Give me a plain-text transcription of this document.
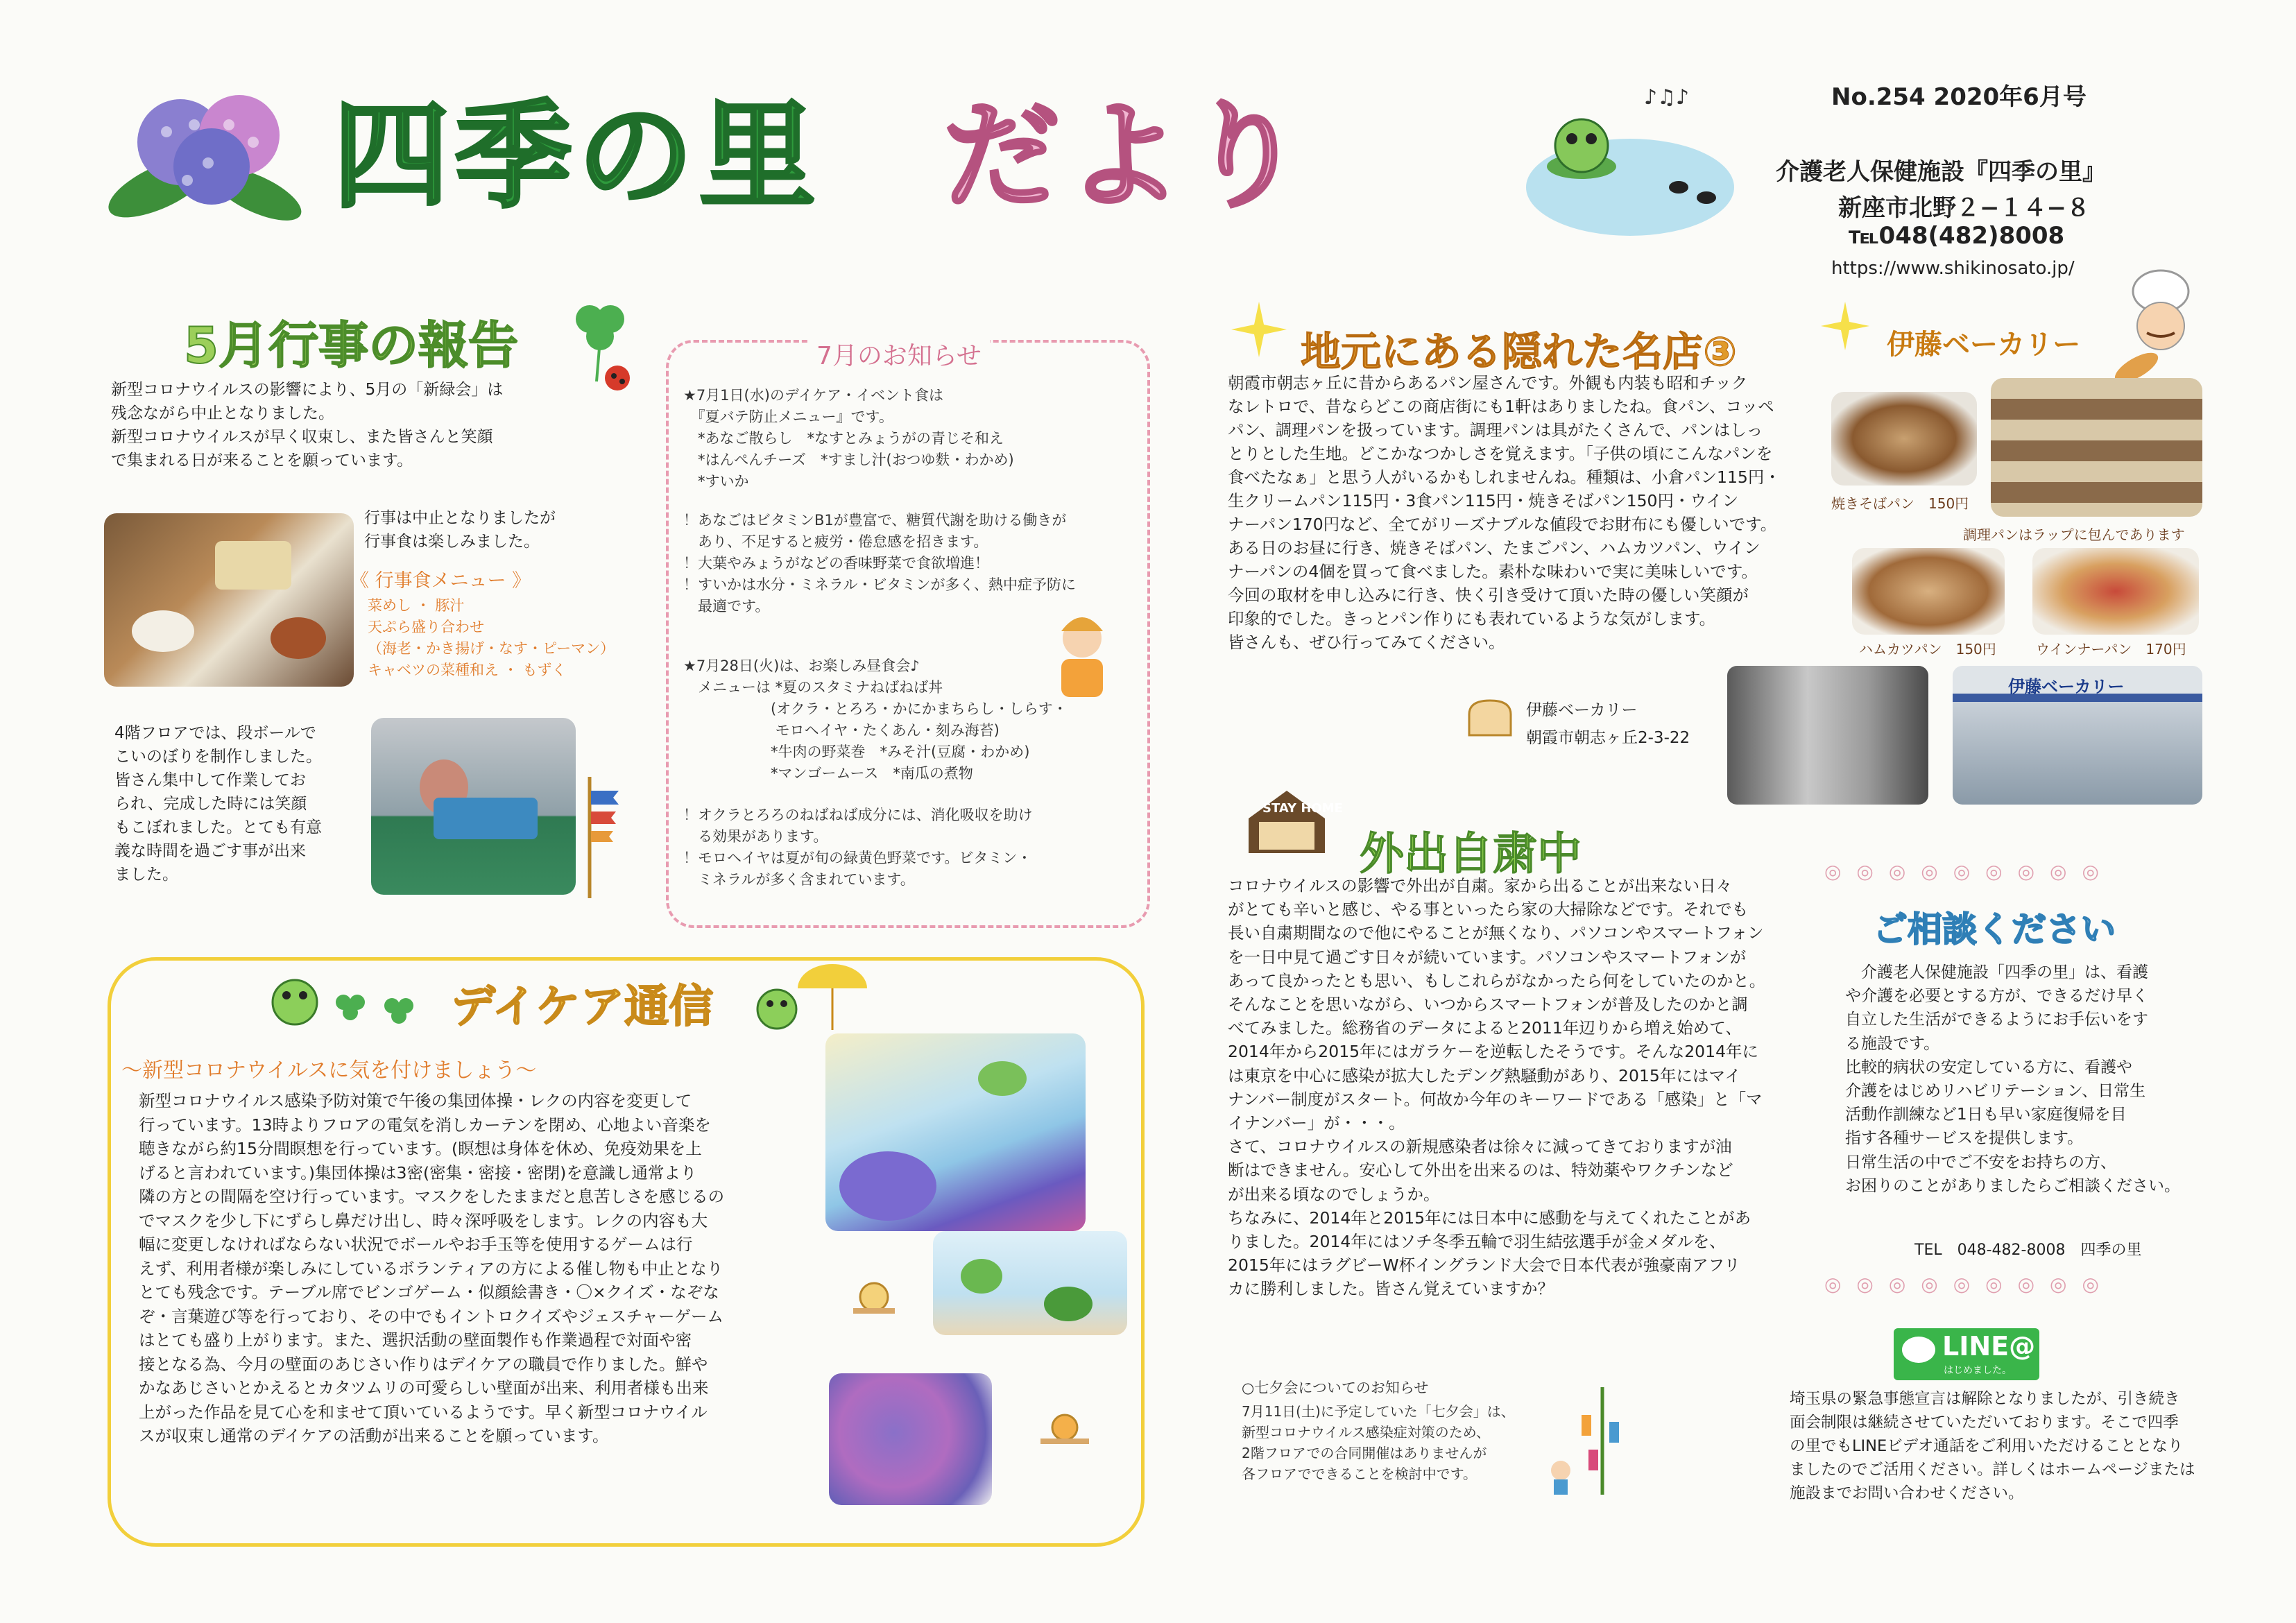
四季の里 だより	♪♫♪	No.254 2020年6月号
介護老人保健施設『四季の里』
新座市北野２−１４−８
℡048(482)8008
https://www.shikinosato.jp/
5月行事の報告
新型コロナウイルスの影響により、5月の「新緑会」は
残念ながら中止となりました。
新型コロナウイルスが早く収束し、また皆さんと笑顔
で集まれる日が来ることを願っています。
行事は中止となりましたが
行事食は楽しみました。
《 行事食メニュー 》
菜めし ・ 豚汁
天ぷら盛り合わせ
（海老・かき揚げ・なす・ピーマン）
キャベツの菜種和え ・ もずく
4階フロアでは、段ボールで
こいのぼりを制作しました。
皆さん集中して作業してお
られ、完成した時には笑顔
もこぼれました。とても有意
義な時間を過ごす事が出来
ました。
7月のお知らせ
★7月1日(水)のデイケア・イベント食は
　『夏バテ防止メニュー』です。
　*あなご散らし　*なすとみょうがの青じそ和え
　*はんぺんチーズ　*すまし汁(おつゆ麩・わかめ)
　*すいか
！あなごはビタミンB1が豊富で、糖質代謝を助ける働きが
　あり、不足すると疲労・倦怠感を招きます。
！大葉やみょうがなどの香味野菜で食欲増進！
！すいかは水分・ミネラル・ビタミンが多く、熱中症予防に
　最適です。
★7月28日(火)は、お楽しみ昼食会♪
　メニューは *夏のスタミナねばねば丼
　　　　　　(オクラ・とろろ・かにかまちらし・しらす・
　　　　　　 モロヘイヤ・たくあん・刻み海苔)
　　　　　　*牛肉の野菜巻　*みそ汁(豆腐・わかめ)
　　　　　　*マンゴームース　*南瓜の煮物
！オクラとろろのねばねば成分には、消化吸収を助け
　る効果があります。
！モロヘイヤは夏が旬の緑黄色野菜です。ビタミン・
　ミネラルが多く含まれています。
デイケア通信
～新型コロナウイルスに気を付けましょう～
新型コロナウイルス感染予防対策で午後の集団体操・レクの内容を変更して
行っています。13時よりフロアの電気を消しカーテンを閉め、心地よい音楽を
聴きながら約15分間瞑想を行っています。(瞑想は身体を休め、免疫効果を上
げると言われています。)集団体操は3密(密集・密接・密閉)を意識し通常より
隣の方との間隔を空け行っています。マスクをしたままだと息苦しさを感じるの
でマスクを少し下にずらし鼻だけ出し、時々深呼吸をします。レクの内容も大
幅に変更しなければならない状況でボールやお手玉等を使用するゲームは行
えず、利用者様が楽しみにしているボランティアの方による催し物も中止となり
とても残念です。テーブル席でビンゴゲーム・似顔絵書き・〇×クイズ・なぞな
ぞ・言葉遊び等を行っており、その中でもイントロクイズやジェスチャーゲーム
はとても盛り上がります。また、選択活動の壁面製作も作業過程で対面や密
接となる為、今月の壁面のあじさい作りはデイケアの職員で作りました。鮮や
かなあじさいとかえるとカタツムリの可愛らしい壁面が出来、利用者様も出来
上がった作品を見て心を和ませて頂いているようです。早く新型コロナウイル
スが収束し通常のデイケアの活動が出来ることを願っています。
地元にある隠れた名店③	伊藤ベーカリー
朝霞市朝志ヶ丘に昔からあるパン屋さんです。外観も内装も昭和チック
なレトロで、昔ならどこの商店街にも1軒はありましたね。食パン、コッペ
パン、調理パンを扱っています。調理パンは具がたくさんで、パンはしっ
とりとした生地。どこかなつかしさを覚えます。「子供の頃にこんなパンを
食べたなぁ」と思う人がいるかもしれませんね。種類は、小倉パン115円・
生クリームパン115円・3食パン115円・焼きそばパン150円・ウイン
ナーパン170円など、全てがリーズナブルな値段でお財布にも優しいです。
ある日のお昼に行き、焼きそばパン、たまごパン、ハムカツパン、ウイン
ナーパンの4個を買って食べました。素朴な味わいで実に美味しいです。
今回の取材を申し込みに行き、快く引き受けて頂いた時の優しい笑顔が
印象的でした。きっとパン作りにも表れているような気がします。
皆さんも、ぜひ行ってみてください。
焼きそばパン　150円
調理パンはラップに包んであります
ハムカツパン　150円	ウインナーパン　170円
伊藤ベーカリー
朝霞市朝志ヶ丘2-3-22
伊藤ベーカリー
STAY HOME
外出自粛中
コロナウイルスの影響で外出が自粛。家から出ることが出来ない日々
がとても辛いと感じ、やる事といったら家の大掃除などです。それでも
長い自粛期間なので他にやることが無くなり、パソコンやスマートフォン
を一日中見て過ごす日々が続いています。パソコンやスマートフォンが
あって良かったとも思い、もしこれらがなかったら何をしていたのかと。
そんなことを思いながら、いつからスマートフォンが普及したのかと調
べてみました。総務省のデータによると2011年辺りから増え始めて、
2014年から2015年にはガラケーを逆転したそうです。そんな2014年に
は東京を中心に感染が拡大したデング熱騒動があり、2015年にはマイ
ナンバー制度がスタート。何故か今年のキーワードである「感染」と「マ
イナンバー」が・・・。
さて、コロナウイルスの新規感染者は徐々に減ってきておりますが油
断はできません。安心して外出を出来るのは、特効薬やワクチンなど
が出来る頃なのでしょうか。
ちなみに、2014年と2015年には日本中に感動を与えてくれたことがあ
りました。2014年にはソチ冬季五輪で羽生結弦選手が金メダルを、
2015年にはラグビーW杯イングランド大会で日本代表が強豪南アフリ
カに勝利しました。皆さん覚えていますか？
○七夕会についてのお知らせ
7月11日(土)に予定していた「七夕会」は、
新型コロナウイルス感染症対策のため、
2階フロアでの合同開催はありませんが
各フロアでできることを検討中です。
◎◎◎◎◎◎◎◎◎
ご相談ください
　介護老人保健施設「四季の里」は、看護
や介護を必要とする方が、できるだけ早く
自立した生活ができるようにお手伝いをす
る施設です。
比較的病状の安定している方に、看護や
介護をはじめリハビリテーション、日常生
活動作訓練など1日も早い家庭復帰を目
指す各種サービスを提供します。
日常生活の中でご不安をお持ちの方、
お困りのことがありましたらご相談ください。
TEL　048-482-8008　四季の里
◎◎◎◎◎◎◎◎◎
LINE@
はじめました。
埼玉県の緊急事態宣言は解除となりましたが、引き続き
面会制限は継続させていただいております。そこで四季
の里でもLINEビデオ通話をご利用いただけることとなり
ましたのでご活用ください。詳しくはホームページまたは
施設までお問い合わせください。
